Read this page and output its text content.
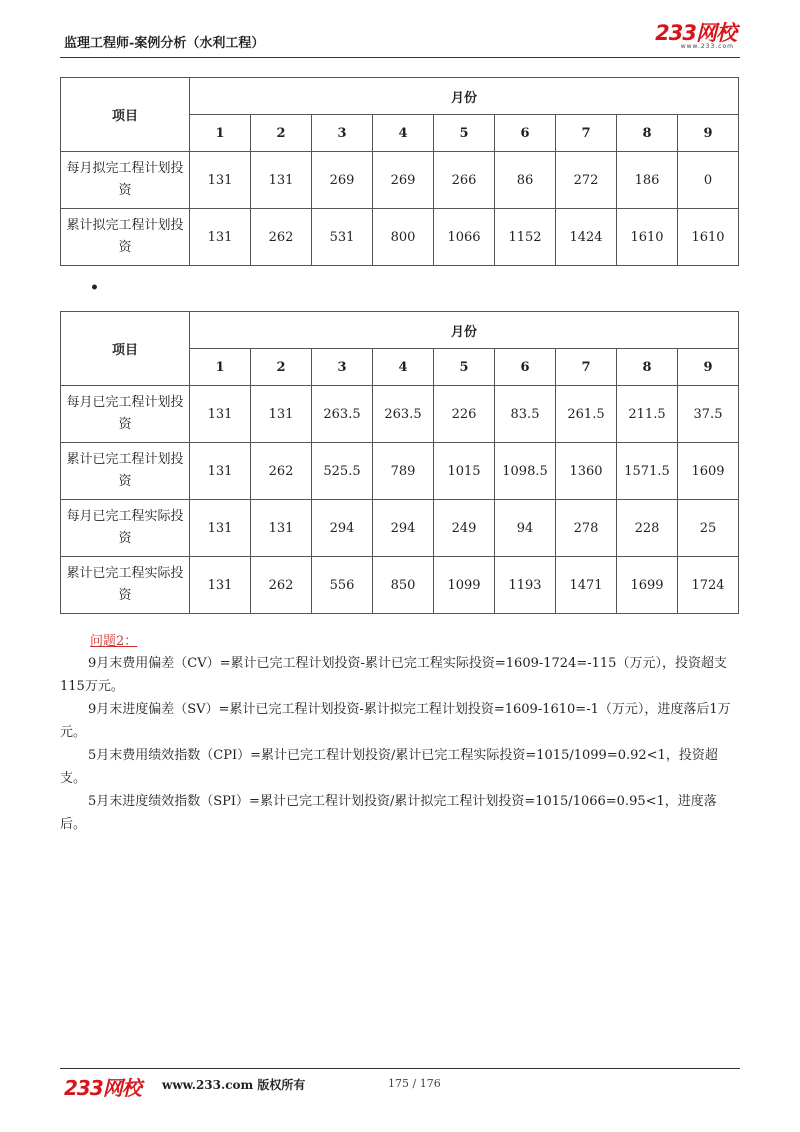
监理工程师-案例分析（水利工程）	233网校
www.233.com
项目	月份								
	1	2	3	4	5	6	7	8	9
每月拟完工程计划投资	131	131	269	269	266	86	272	186	0
累计拟完工程计划投资	131	262	531	800	1066	1152	1424	1610	1610
•
项目	月份								
	1	2	3	4	5	6	7	8	9
每月已完工程计划投资	131	131	263.5	263.5	226	83.5	261.5	211.5	37.5
累计已完工程计划投资	131	262	525.5	789	1015	1098.5	1360	1571.5	1609
每月已完工程实际投资	131	131	294	294	249	94	278	228	25
累计已完工程实际投资	131	262	556	850	1099	1193	1471	1699	1724
问题2：
9月末费用偏差（CV）=累计已完工程计划投资-累计已完工程实际投资=1609-1724=-115（万元），投资超支115万元。
9月末进度偏差（SV）=累计已完工程计划投资-累计拟完工程计划投资=1609-1610=-1（万元），进度落后1万元。
5月末费用绩效指数（CPI）=累计已完工程计划投资/累计已完工程实际投资=1015/1099=0.92<1，投资超支。
5月末进度绩效指数（SPI）=累计已完工程计划投资/累计拟完工程计划投资=1015/1066=0.95<1，进度落后。
233网校 www.233.com 版权所有	175 / 176
